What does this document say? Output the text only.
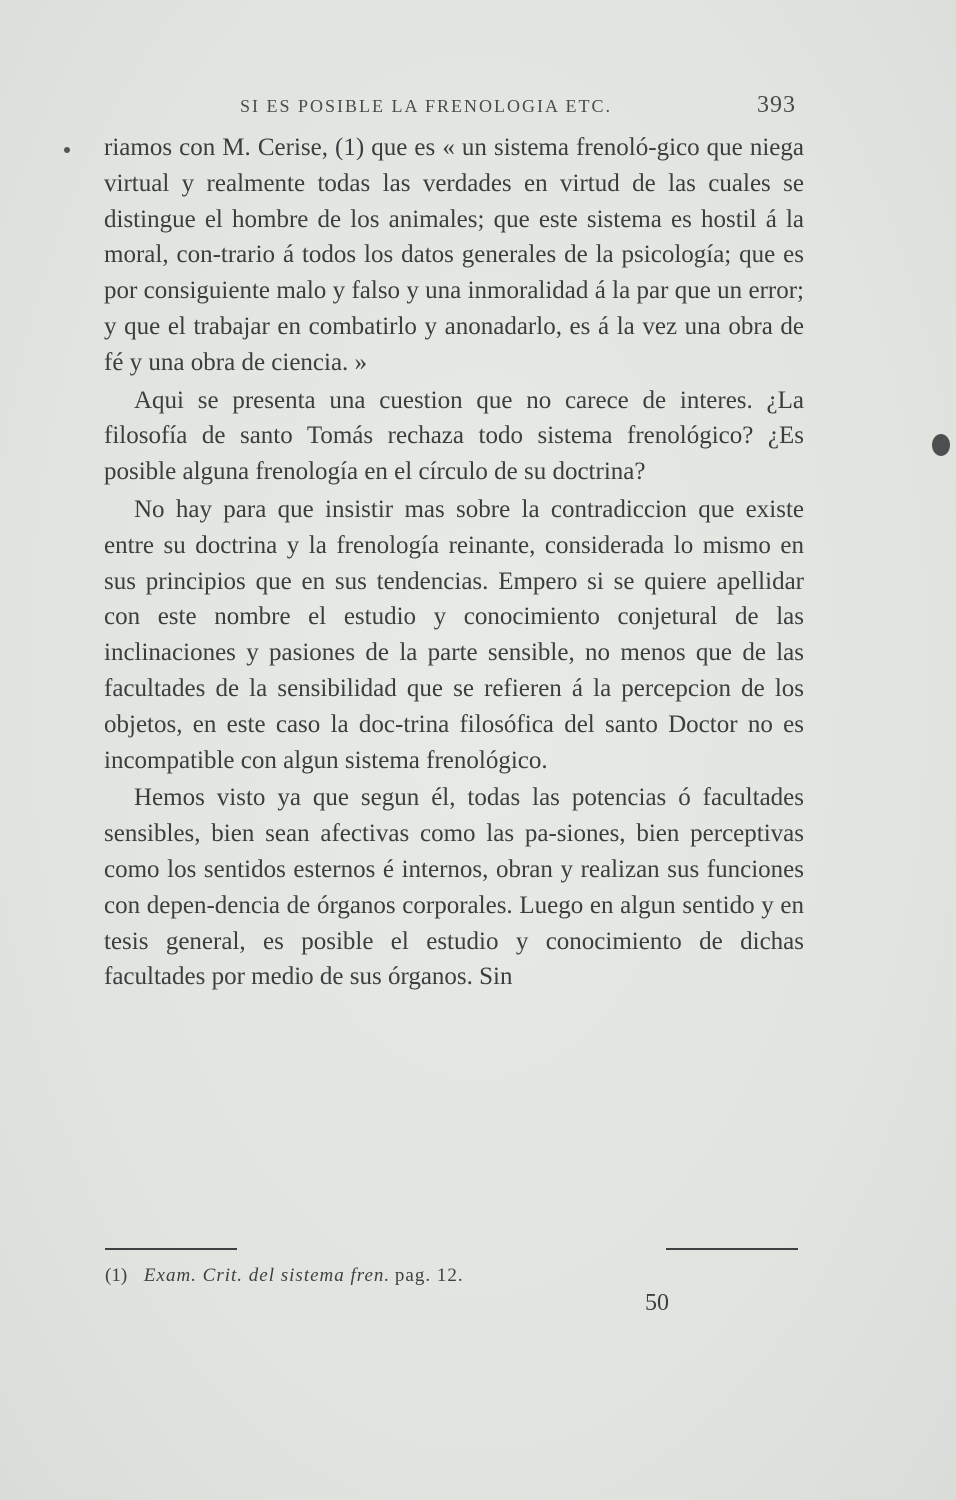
SI ES POSIBLE LA FRENOLOGIA ETC.	393

riamos con M. Cerise, (1) que es « un sistema frenoló-gico que niega virtual y realmente todas las verdades en virtud de las cuales se distingue el hombre de los animales; que este sistema es hostil á la moral, con-trario á todos los datos generales de la psicología; que es por consiguiente malo y falso y una inmoralidad á la par que un error; y que el trabajar en combatirlo y anonadarlo, es á la vez una obra de fé y una obra de ciencia. »

Aqui se presenta una cuestion que no carece de interes. ¿La filosofía de santo Tomás rechaza todo sistema frenológico? ¿Es posible alguna frenología en el círculo de su doctrina?

No hay para que insistir mas sobre la contradiccion que existe entre su doctrina y la frenología reinante, considerada lo mismo en sus principios que en sus tendencias. Empero si se quiere apellidar con este nombre el estudio y conocimiento conjetural de las inclinaciones y pasiones de la parte sensible, no menos que de las facultades de la sensibilidad que se refieren á la percepcion de los objetos, en este caso la doc-trina filosófica del santo Doctor no es incompatible con algun sistema frenológico.

Hemos visto ya que segun él, todas las potencias ó facultades sensibles, bien sean afectivas como las pa-siones, bien perceptivas como los sentidos esternos é internos, obran y realizan sus funciones con depen-dencia de órganos corporales. Luego en algun sentido y en tesis general, es posible el estudio y conocimiento de dichas facultades por medio de sus órganos. Sin

(1) Exam. Crit. del sistema fren. pag. 12.
50
